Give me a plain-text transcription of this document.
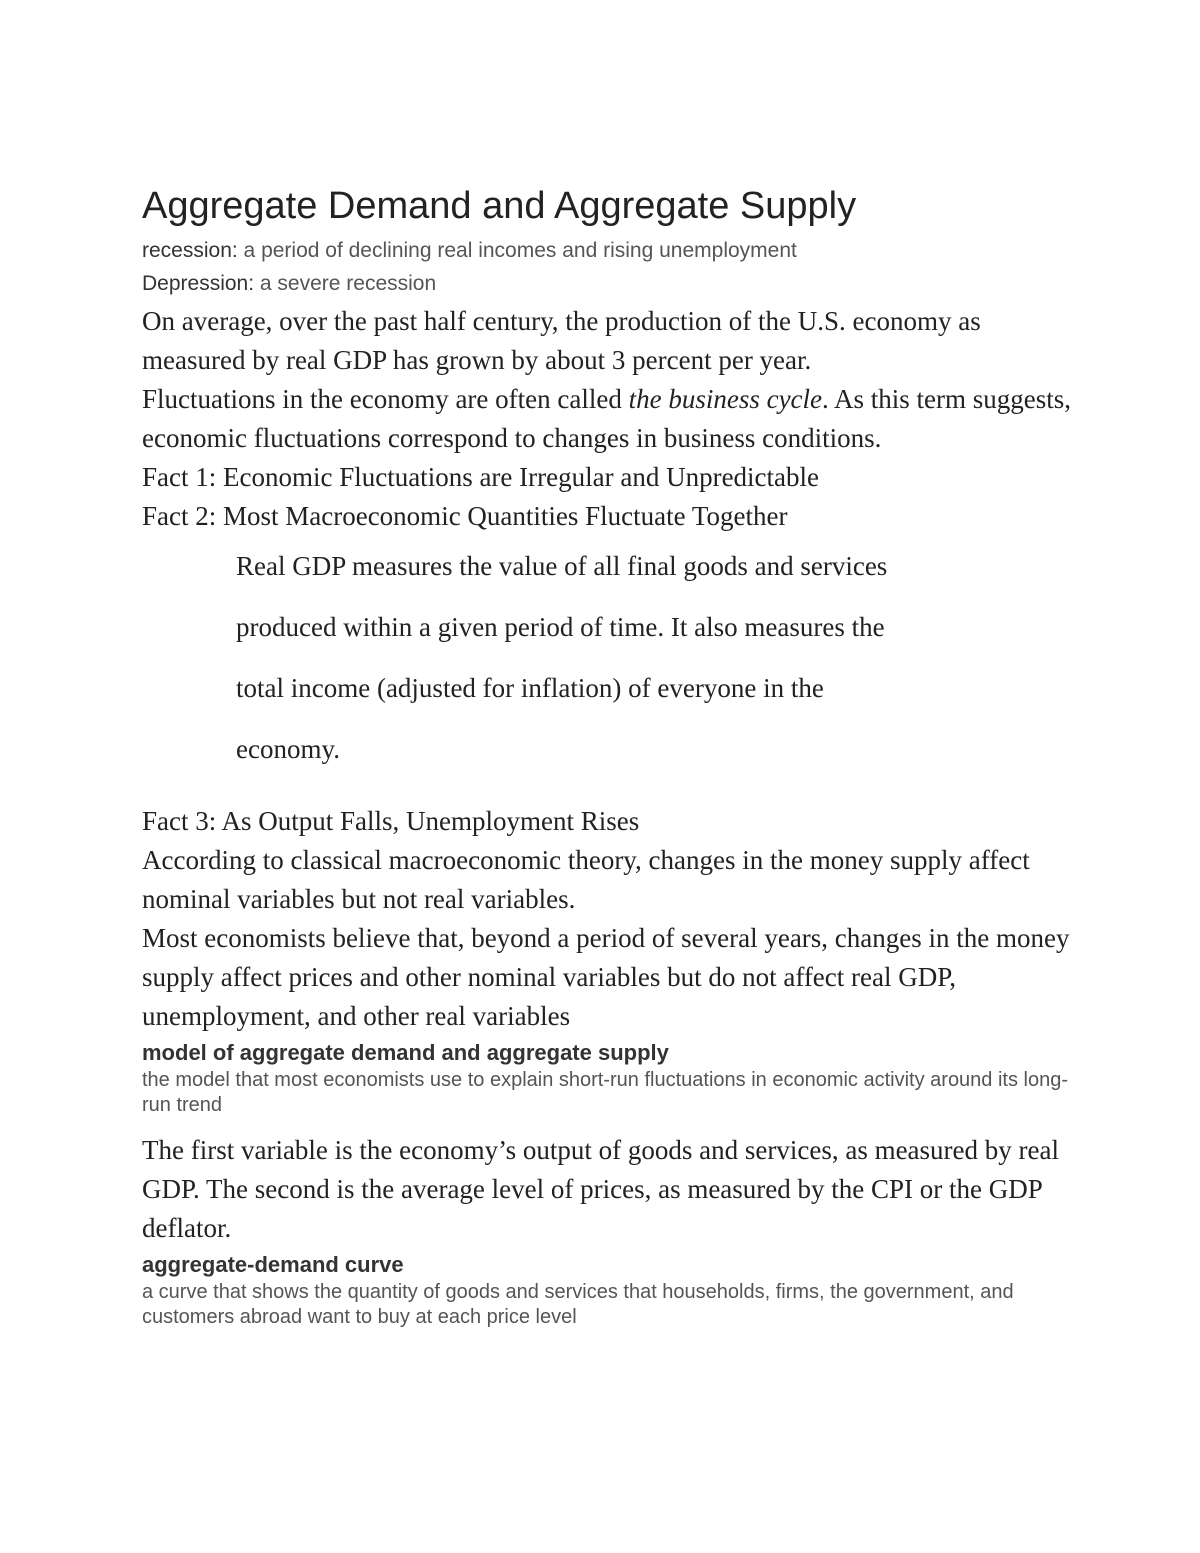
Aggregate Demand and Aggregate Supply

recession: a period of declining real incomes and rising unemployment

Depression: a severe recession

On average, over the past half century, the production of the U.S. economy as measured by real GDP has grown by about 3 percent per year.

Fluctuations in the economy are often called the business cycle. As this term suggests, economic fluctuations correspond to changes in business conditions.

Fact 1: Economic Fluctuations are Irregular and Unpredictable

Fact 2: Most Macroeconomic Quantities Fluctuate Together

Real GDP measures the value of all final goods and services
produced within a given period of time. It also measures the
total income (adjusted for inflation) of everyone in the
economy.

Fact 3: As Output Falls, Unemployment Rises

According to classical macroeconomic theory, changes in the money supply affect nominal variables but not real variables.

Most economists believe that, beyond a period of several years, changes in the money supply affect prices and other nominal variables but do not affect real GDP, unemployment, and other real variables

model of aggregate demand and aggregate supply

the model that most economists use to explain short-run fluctuations in economic activity around its long-run trend

The first variable is the economy’s output of goods and services, as measured by real GDP. The second is the average level of prices, as measured by the CPI or the GDP deflator.

aggregate-demand curve

a curve that shows the quantity of goods and services that households, firms, the government, and customers abroad want to buy at each price level
